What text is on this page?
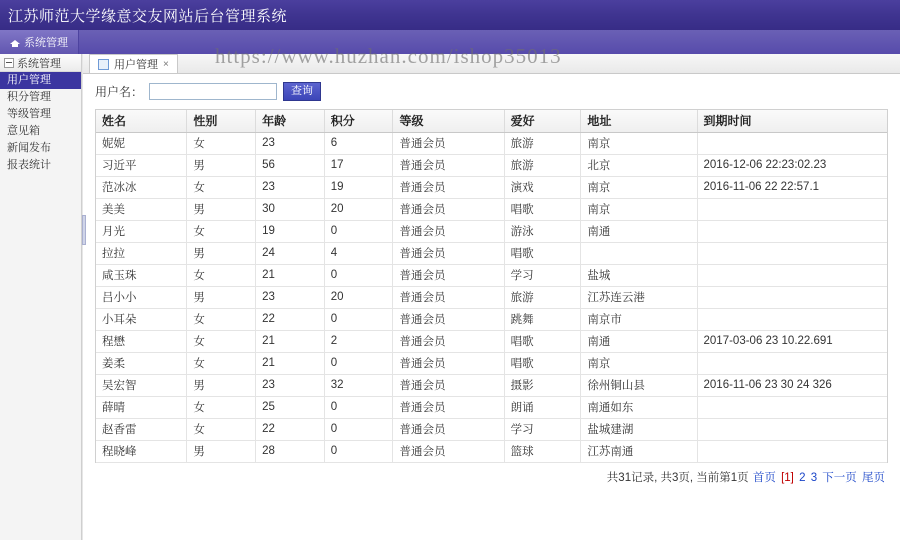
江苏师范大学缘意交友网站后台管理系统
系统管理
系统管理
用户管理
积分管理
等级管理
意见箱
新闻发布
报表统计
用户管理 ×
用户名：	查询
姓名	性别	年龄	积分	等级	爱好	地址	到期时间
妮妮	女	23	6	普通会员	旅游	南京	
习近平	男	56	17	普通会员	旅游	北京	2016-12-06 22:23:02.23
范冰冰	女	23	19	普通会员	演戏	南京	2016-11-06 22 22:57.1
美美	男	30	20	普通会员	唱歌	南京	
月光	女	19	0	普通会员	游泳	南通	
拉拉	男	24	4	普通会员	唱歌		
咸玉珠	女	21	0	普通会员	学习	盐城	
吕小小	男	23	20	普通会员	旅游	江苏连云港	
小耳朵	女	22	0	普通会员	跳舞	南京市	
程懋	女	21	2	普通会员	唱歌	南通	2017-03-06 23 10.22.691
姜柔	女	21	0	普通会员	唱歌	南京	
吴宏智	男	23	32	普通会员	摄影	徐州铜山县	2016-11-06 23 30 24 326
薛晴	女	25	0	普通会员	朗诵	南通如东	
赵香雷	女	22	0	普通会员	学习	盐城建湖	
程晓峰	男	28	0	普通会员	篮球	江苏南通	
共31记录, 共3页, 当前第1页 首页 [1] 2 3 下一页 尾页
https://www.huzhan.com/ishop35013
